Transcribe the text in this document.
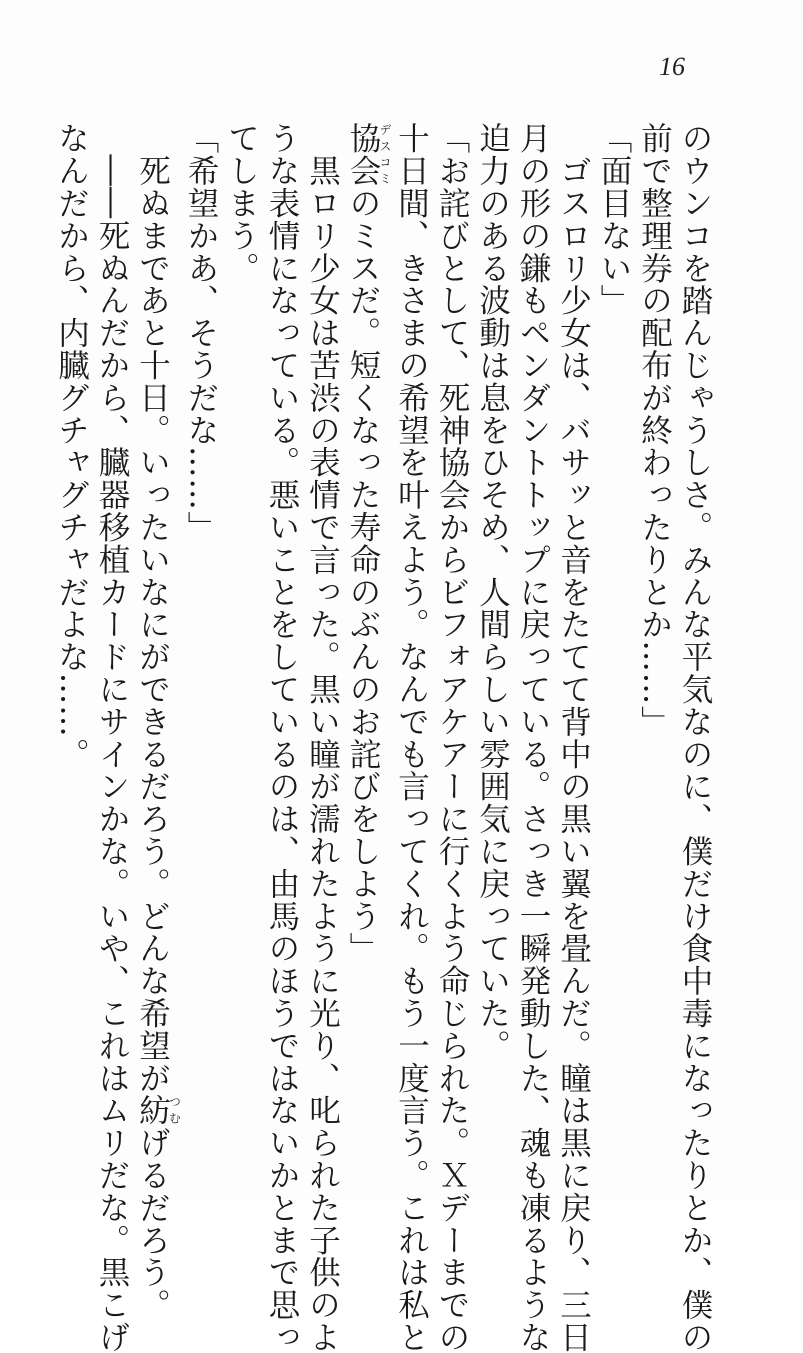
16
のウンコを踏んじゃうしさ。みんな平気なのに、僕だけ食中毒になったりとか、僕の
前で整理券の配布が終わったりとか……」
「面目ない」
　ゴスロリ少女は、バサッと音をたてて背中の黒い翼を畳んだ。瞳は黒に戻り、三日
月の形の鎌もペンダントトップに戻っている。さっき一瞬発動した、魂も凍るような
迫力のある波動は息をひそめ、人間らしい雰囲気に戻っていた。
「お詫びとして、死神協会からビフォアケアーに行くよう命じられた。Ｘデーまでの
十日間、きさまの希望を叶えよう。なんでも言ってくれ。もう一度言う。これは私と
協会デスコミのミスだ。短くなった寿命のぶんのお詫びをしよう」
　黒ロリ少女は苦渋の表情で言った。黒い瞳が濡れたように光り、叱られた子供のよ
うな表情になっている。悪いことをしているのは、由馬のほうではないかとまで思っ
てしまう。
「希望かあ、そうだな……」
　死ぬまであと十日。いったいなにができるだろう。どんな希望が紡つむげるだろう。
　――死ぬんだから、臓器移植カードにサインかな。いや、これはムリだな。黒こげ
なんだから、内臓グチャグチャだよな……。
